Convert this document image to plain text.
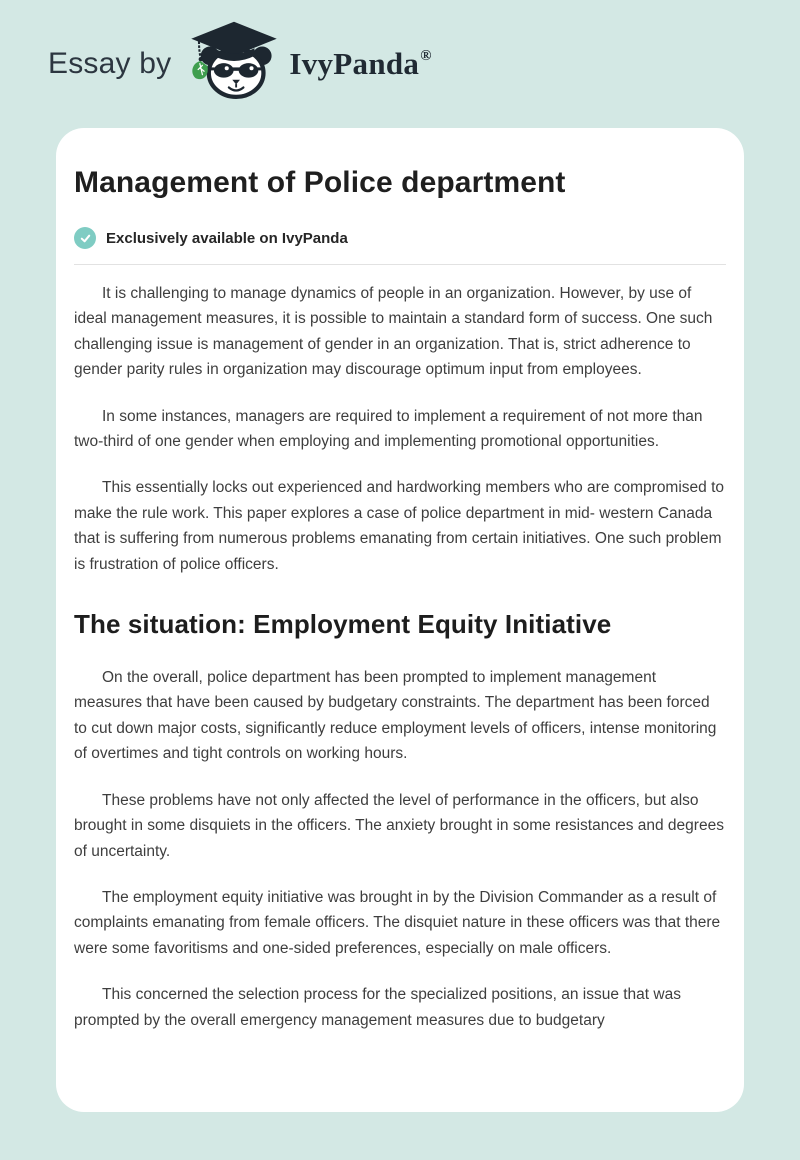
Essay by	IvyPanda®
Management of Police department
Exclusively available on IvyPanda

It is challenging to manage dynamics of people in an organization. However, by use of ideal management measures, it is possible to maintain a standard form of success. One such challenging issue is management of gender in an organization. That is, strict adherence to gender parity rules in organization may discourage optimum input from employees.

In some instances, managers are required to implement a requirement of not more than two-third of one gender when employing and implementing promotional opportunities.

This essentially locks out experienced and hardworking members who are compromised to make the rule work. This paper explores a case of police department in mid- western Canada that is suffering from numerous problems emanating from certain initiatives. One such problem is frustration of police officers.

The situation: Employment Equity Initiative

On the overall, police department has been prompted to implement management measures that have been caused by budgetary constraints. The department has been forced to cut down major costs, significantly reduce employment levels of officers, intense monitoring of overtimes and tight controls on working hours.

These problems have not only affected the level of performance in the officers, but also brought in some disquiets in the officers. The anxiety brought in some resistances and degrees of uncertainty.

The employment equity initiative was brought in by the Division Commander as a result of complaints emanating from female officers. The disquiet nature in these officers was that there were some favoritisms and one-sided preferences, especially on male officers.

This concerned the selection process for the specialized positions, an issue that was prompted by the overall emergency management measures due to budgetary
